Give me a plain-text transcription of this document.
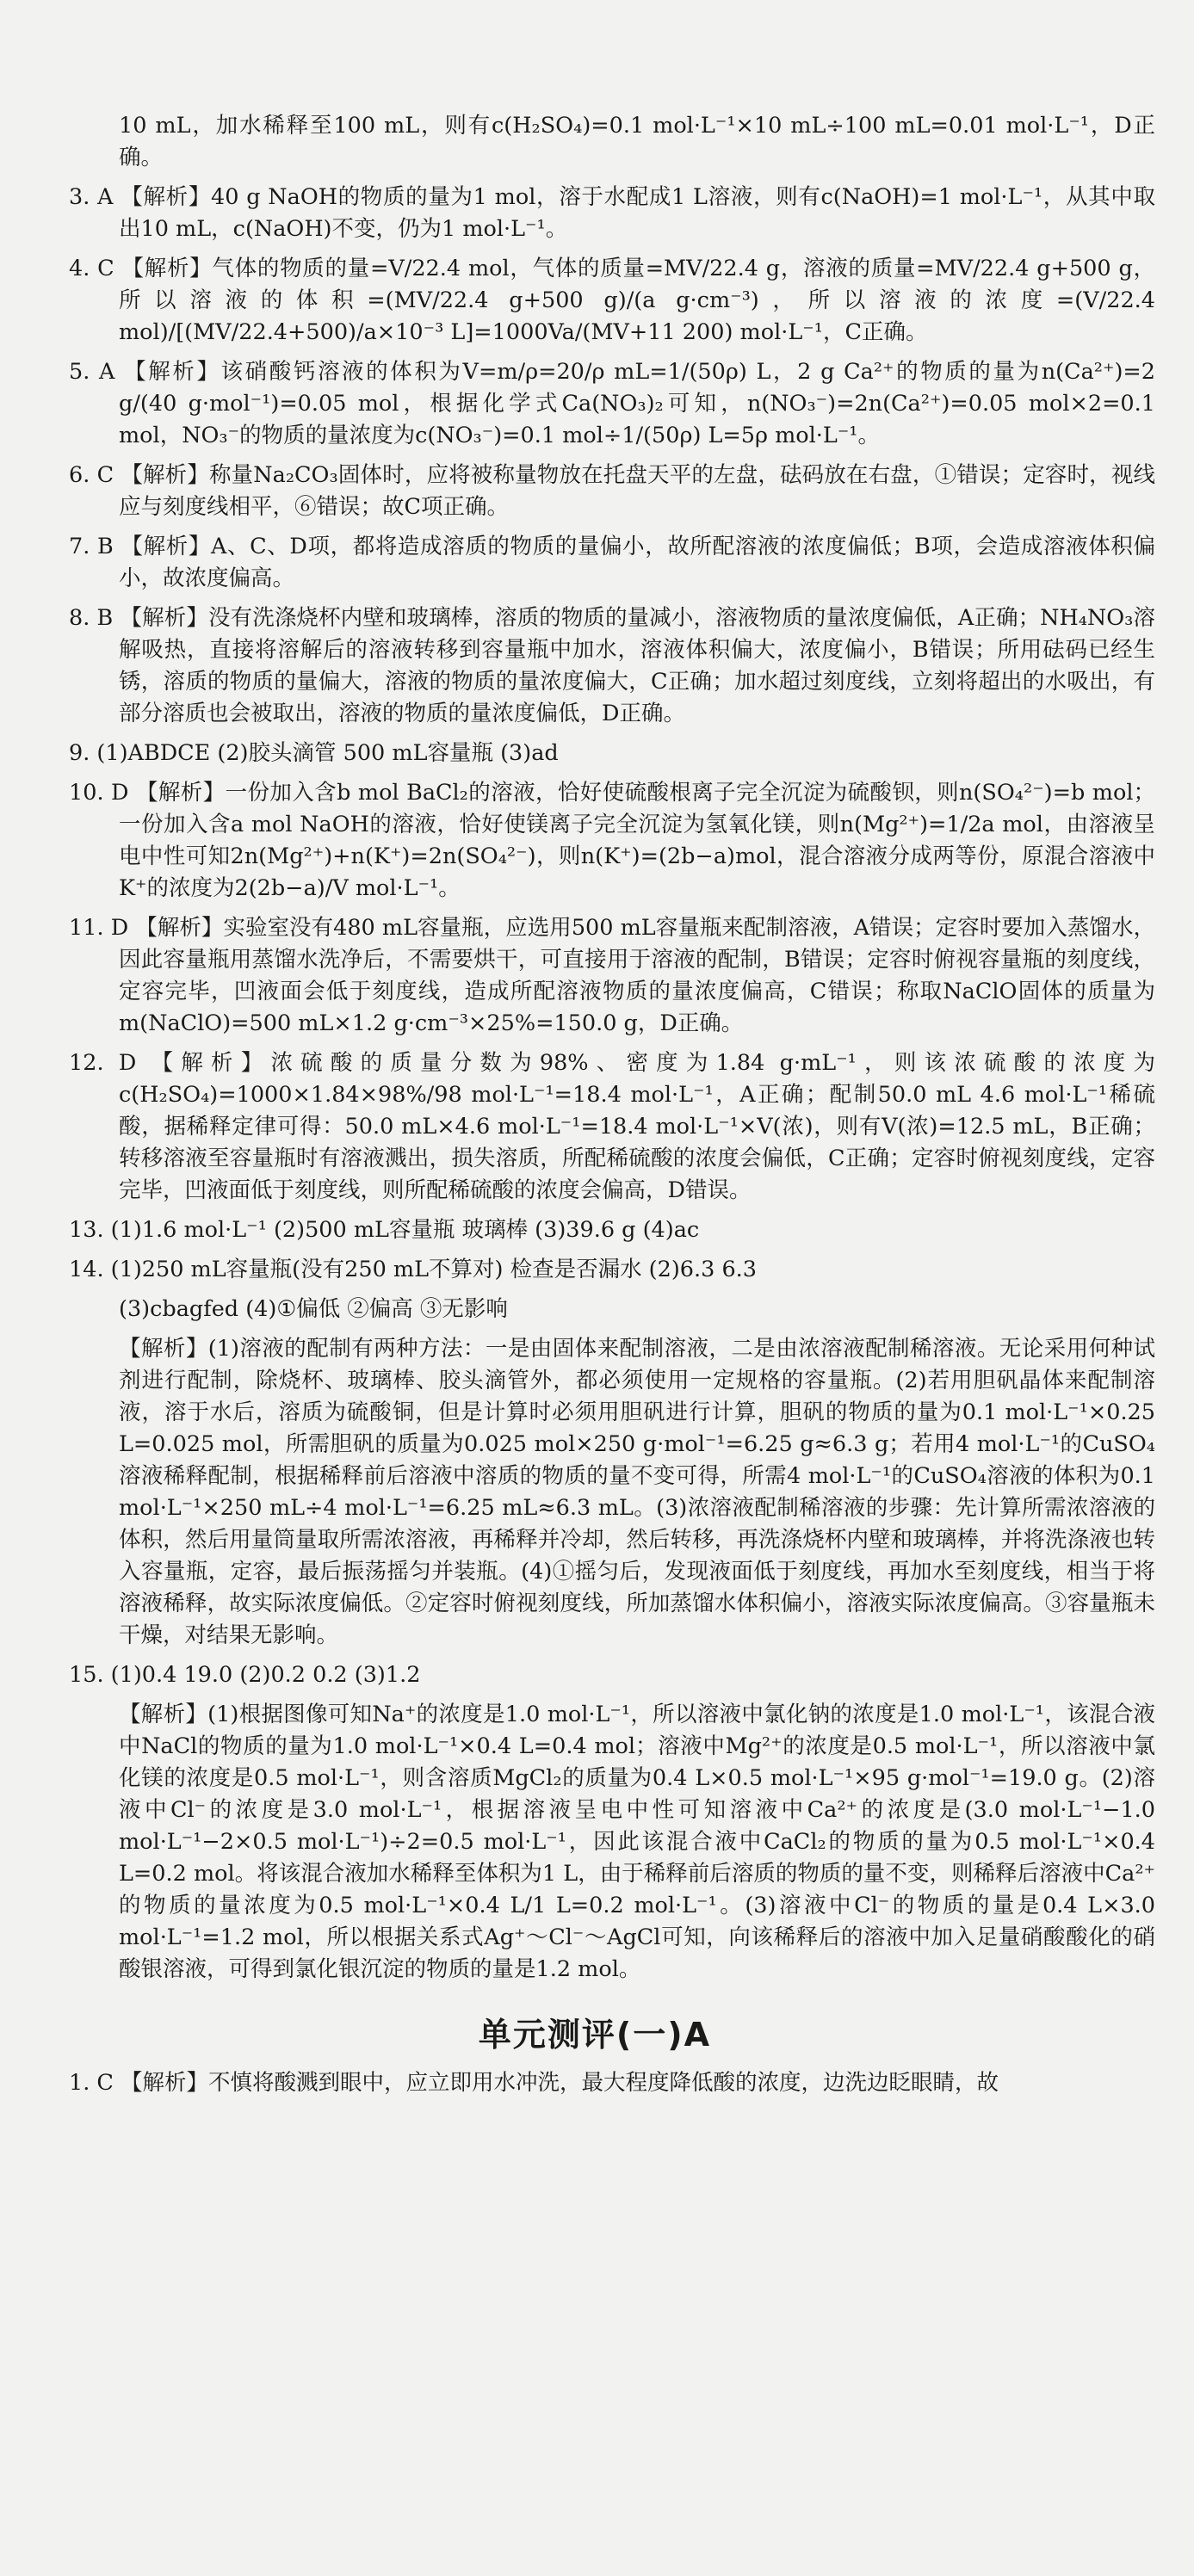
10 mL，加水稀释至100 mL，则有c(H₂SO₄)=0.1 mol·L⁻¹×10 mL÷100 mL=0.01 mol·L⁻¹，D正确。

3. A 【解析】40 g NaOH的物质的量为1 mol，溶于水配成1 L溶液，则有c(NaOH)=1 mol·L⁻¹，从其中取出10 mL，c(NaOH)不变，仍为1 mol·L⁻¹。

4. C 【解析】气体的物质的量=V/22.4 mol，气体的质量=MV/22.4 g，溶液的质量=MV/22.4 g+500 g，所以溶液的体积=(MV/22.4 g+500 g)/(a g·cm⁻³)，所以溶液的浓度=(V/22.4 mol)/[(MV/22.4+500)/a×10⁻³ L]=1000Va/(MV+11 200) mol·L⁻¹，C正确。

5. A 【解析】该硝酸钙溶液的体积为V=m/ρ=20/ρ mL=1/(50ρ) L，2 g Ca²⁺的物质的量为n(Ca²⁺)=2 g/(40 g·mol⁻¹)=0.05 mol，根据化学式Ca(NO₃)₂可知，n(NO₃⁻)=2n(Ca²⁺)=0.05 mol×2=0.1 mol，NO₃⁻的物质的量浓度为c(NO₃⁻)=0.1 mol÷1/(50ρ) L=5ρ mol·L⁻¹。

6. C 【解析】称量Na₂CO₃固体时，应将被称量物放在托盘天平的左盘，砝码放在右盘，①错误；定容时，视线应与刻度线相平，⑥错误；故C项正确。

7. B 【解析】A、C、D项，都将造成溶质的物质的量偏小，故所配溶液的浓度偏低；B项，会造成溶液体积偏小，故浓度偏高。

8. B 【解析】没有洗涤烧杯内壁和玻璃棒，溶质的物质的量减小，溶液物质的量浓度偏低，A正确；NH₄NO₃溶解吸热，直接将溶解后的溶液转移到容量瓶中加水，溶液体积偏大，浓度偏小，B错误；所用砝码已经生锈，溶质的物质的量偏大，溶液的物质的量浓度偏大，C正确；加水超过刻度线，立刻将超出的水吸出，有部分溶质也会被取出，溶液的物质的量浓度偏低，D正确。

9. (1)ABDCE (2)胶头滴管 500 mL容量瓶 (3)ad

10. D 【解析】一份加入含b mol BaCl₂的溶液，恰好使硫酸根离子完全沉淀为硫酸钡，则n(SO₄²⁻)=b mol；一份加入含a mol NaOH的溶液，恰好使镁离子完全沉淀为氢氧化镁，则n(Mg²⁺)=1/2a mol，由溶液呈电中性可知2n(Mg²⁺)+n(K⁺)=2n(SO₄²⁻)，则n(K⁺)=(2b−a)mol，混合溶液分成两等份，原混合溶液中K⁺的浓度为2(2b−a)/V mol·L⁻¹。

11. D 【解析】实验室没有480 mL容量瓶，应选用500 mL容量瓶来配制溶液，A错误；定容时要加入蒸馏水，因此容量瓶用蒸馏水洗净后，不需要烘干，可直接用于溶液的配制，B错误；定容时俯视容量瓶的刻度线，定容完毕，凹液面会低于刻度线，造成所配溶液物质的量浓度偏高，C错误；称取NaClO固体的质量为m(NaClO)=500 mL×1.2 g·cm⁻³×25%=150.0 g，D正确。

12. D 【解析】浓硫酸的质量分数为98%、密度为1.84 g·mL⁻¹，则该浓硫酸的浓度为c(H₂SO₄)=1000×1.84×98%/98 mol·L⁻¹=18.4 mol·L⁻¹，A正确；配制50.0 mL 4.6 mol·L⁻¹稀硫酸，据稀释定律可得：50.0 mL×4.6 mol·L⁻¹=18.4 mol·L⁻¹×V(浓)，则有V(浓)=12.5 mL，B正确；转移溶液至容量瓶时有溶液溅出，损失溶质，所配稀硫酸的浓度会偏低，C正确；定容时俯视刻度线，定容完毕，凹液面低于刻度线，则所配稀硫酸的浓度会偏高，D错误。

13. (1)1.6 mol·L⁻¹ (2)500 mL容量瓶 玻璃棒 (3)39.6 g (4)ac

14. (1)250 mL容量瓶(没有250 mL不算对) 检查是否漏水 (2)6.3 6.3

(3)cbagfed (4)①偏低 ②偏高 ③无影响

【解析】(1)溶液的配制有两种方法：一是由固体来配制溶液，二是由浓溶液配制稀溶液。无论采用何种试剂进行配制，除烧杯、玻璃棒、胶头滴管外，都必须使用一定规格的容量瓶。(2)若用胆矾晶体来配制溶液，溶于水后，溶质为硫酸铜，但是计算时必须用胆矾进行计算，胆矾的物质的量为0.1 mol·L⁻¹×0.25 L=0.025 mol，所需胆矾的质量为0.025 mol×250 g·mol⁻¹=6.25 g≈6.3 g；若用4 mol·L⁻¹的CuSO₄溶液稀释配制，根据稀释前后溶液中溶质的物质的量不变可得，所需4 mol·L⁻¹的CuSO₄溶液的体积为0.1 mol·L⁻¹×250 mL÷4 mol·L⁻¹=6.25 mL≈6.3 mL。(3)浓溶液配制稀溶液的步骤：先计算所需浓溶液的体积，然后用量筒量取所需浓溶液，再稀释并冷却，然后转移，再洗涤烧杯内壁和玻璃棒，并将洗涤液也转入容量瓶，定容，最后振荡摇匀并装瓶。(4)①摇匀后，发现液面低于刻度线，再加水至刻度线，相当于将溶液稀释，故实际浓度偏低。②定容时俯视刻度线，所加蒸馏水体积偏小，溶液实际浓度偏高。③容量瓶未干燥，对结果无影响。

15. (1)0.4 19.0 (2)0.2 0.2 (3)1.2

【解析】(1)根据图像可知Na⁺的浓度是1.0 mol·L⁻¹，所以溶液中氯化钠的浓度是1.0 mol·L⁻¹，该混合液中NaCl的物质的量为1.0 mol·L⁻¹×0.4 L=0.4 mol；溶液中Mg²⁺的浓度是0.5 mol·L⁻¹，所以溶液中氯化镁的浓度是0.5 mol·L⁻¹，则含溶质MgCl₂的质量为0.4 L×0.5 mol·L⁻¹×95 g·mol⁻¹=19.0 g。(2)溶液中Cl⁻的浓度是3.0 mol·L⁻¹，根据溶液呈电中性可知溶液中Ca²⁺的浓度是(3.0 mol·L⁻¹−1.0 mol·L⁻¹−2×0.5 mol·L⁻¹)÷2=0.5 mol·L⁻¹，因此该混合液中CaCl₂的物质的量为0.5 mol·L⁻¹×0.4 L=0.2 mol。将该混合液加水稀释至体积为1 L，由于稀释前后溶质的物质的量不变，则稀释后溶液中Ca²⁺的物质的量浓度为0.5 mol·L⁻¹×0.4 L/1 L=0.2 mol·L⁻¹。(3)溶液中Cl⁻的物质的量是0.4 L×3.0 mol·L⁻¹=1.2 mol，所以根据关系式Ag⁺～Cl⁻～AgCl可知，向该稀释后的溶液中加入足量硝酸酸化的硝酸银溶液，可得到氯化银沉淀的物质的量是1.2 mol。

单元测评(一)A

1. C 【解析】不慎将酸溅到眼中，应立即用水冲洗，最大程度降低酸的浓度，边洗边眨眼睛，故
